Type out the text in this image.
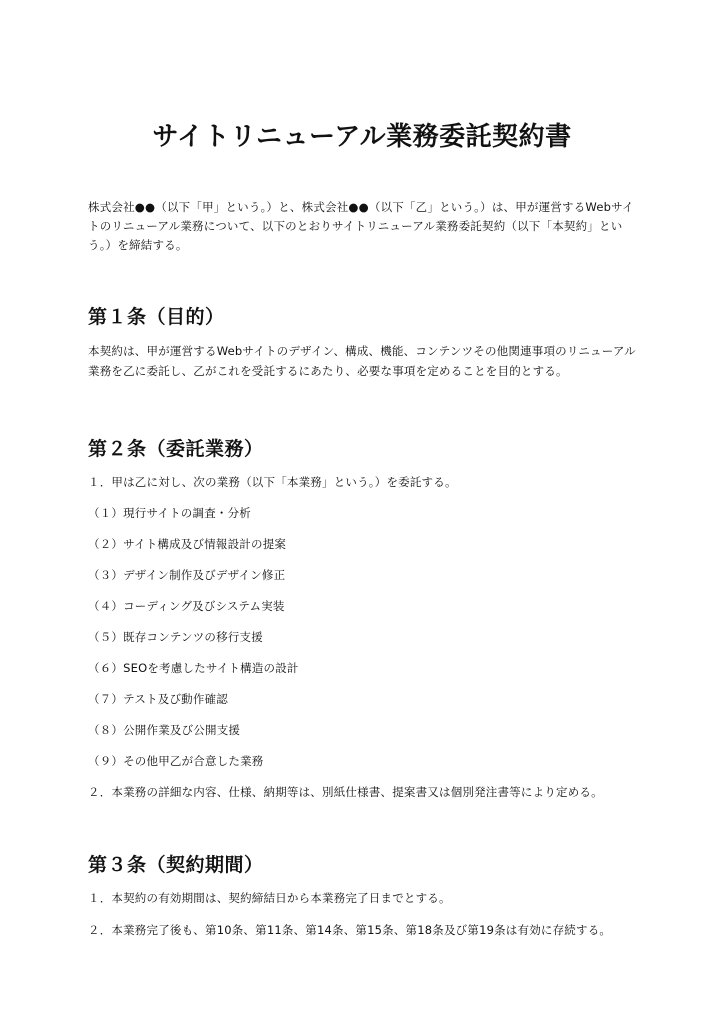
サイトリニューアル業務委託契約書

株式会社●●（以下「甲」という。）と、株式会社●●（以下「乙」という。）は、甲が運営するWebサイトのリニューアル業務について、以下のとおりサイトリニューアル業務委託契約（以下「本契約」という。）を締結する。

第１条（目的）

本契約は、甲が運営するWebサイトのデザイン、構成、機能、コンテンツその他関連事項のリニューアル業務を乙に委託し、乙がこれを受託するにあたり、必要な事項を定めることを目的とする。

第２条（委託業務）

１．甲は乙に対し、次の業務（以下「本業務」という。）を委託する。

（１）現行サイトの調査・分析

（２）サイト構成及び情報設計の提案

（３）デザイン制作及びデザイン修正

（４）コーディング及びシステム実装

（５）既存コンテンツの移行支援

（６）SEOを考慮したサイト構造の設計

（７）テスト及び動作確認

（８）公開作業及び公開支援

（９）その他甲乙が合意した業務

２．本業務の詳細な内容、仕様、納期等は、別紙仕様書、提案書又は個別発注書等により定める。

第３条（契約期間）

１．本契約の有効期間は、契約締結日から本業務完了日までとする。

２．本業務完了後も、第10条、第11条、第14条、第15条、第18条及び第19条は有効に存続する。
